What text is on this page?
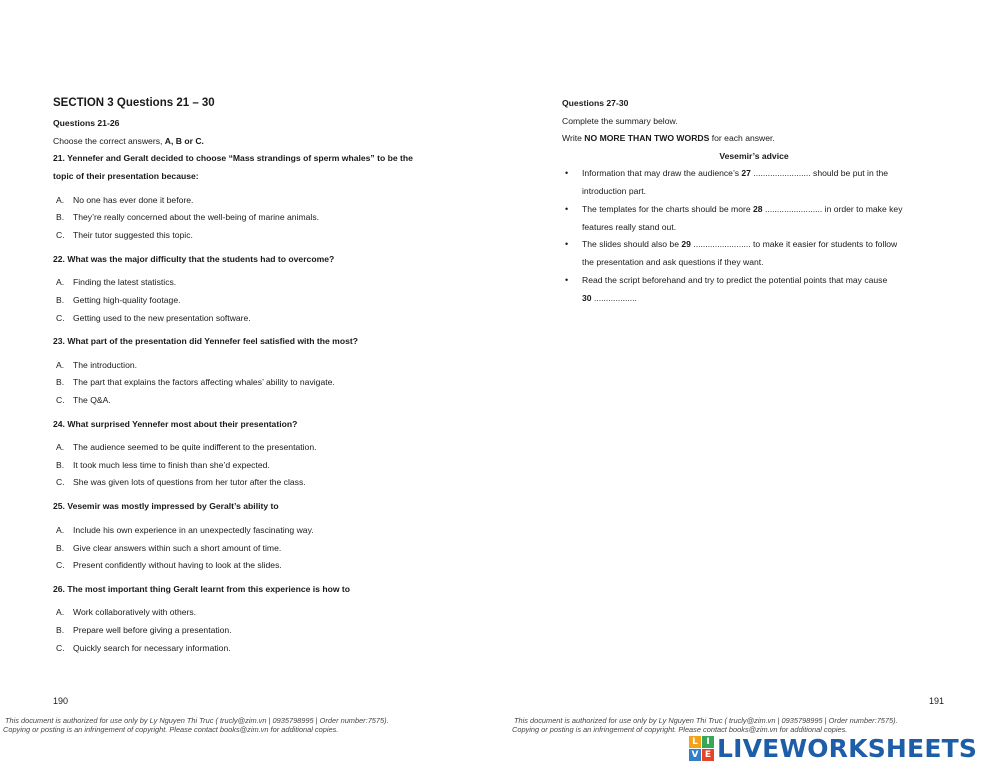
SECTION 3 Questions 21 – 30
Questions 21-26
Choose the correct answers, A, B or C.
21. Yennefer and Geralt decided to choose “Mass strandings of sperm whales” to be the
topic of their presentation because:
A. No one has ever done it before.
B. They’re really concerned about the well-being of marine animals.
C. Their tutor suggested this topic.
22. What was the major difficulty that the students had to overcome?
A. Finding the latest statistics.
B. Getting high-quality footage.
C. Getting used to the new presentation software.
23. What part of the presentation did Yennefer feel satisfied with the most?
A. The introduction.
B. The part that explains the factors affecting whales’ ability to navigate.
C. The Q&A.
24. What surprised Yennefer most about their presentation?
A. The audience seemed to be quite indifferent to the presentation.
B. It took much less time to finish than she’d expected.
C. She was given lots of questions from her tutor after the class.
25. Vesemir was mostly impressed by Geralt’s ability to
A. Include his own experience in an unexpectedly fascinating way.
B. Give clear answers within such a short amount of time.
C. Present confidently without having to look at the slides.
26. The most important thing Geralt learnt from this experience is how to
A. Work collaboratively with others.
B. Prepare well before giving a presentation.
C. Quickly search for necessary information.
190
This document is authorized for use only by Ly Nguyen Thi Truc ( trucly@zim.vn | 0935798995 | Order number:7575).
Copying or posting is an infringement of copyright. Please contact books@zim.vn for additional copies.
Questions 27-30
Complete the summary below.
Write NO MORE THAN TWO WORDS for each answer.
Vesemir’s advice
• Information that may draw the audience’s 27 ........................ should be put in the
introduction part.
• The templates for the charts should be more 28 ........................ in order to make key
features really stand out.
• The slides should also be 29 ........................ to make it easier for students to follow
the presentation and ask questions if they want.
• Read the script beforehand and try to predict the potential points that may cause
30 ..................
191
This document is authorized for use only by Ly Nguyen Thi Truc ( trucly@zim.vn | 0935798995 | Order number:7575).
Copying or posting is an infringement of copyright. Please contact books@zim.vn for additional copies.
L I
V E LIVEWORKSHEETS
